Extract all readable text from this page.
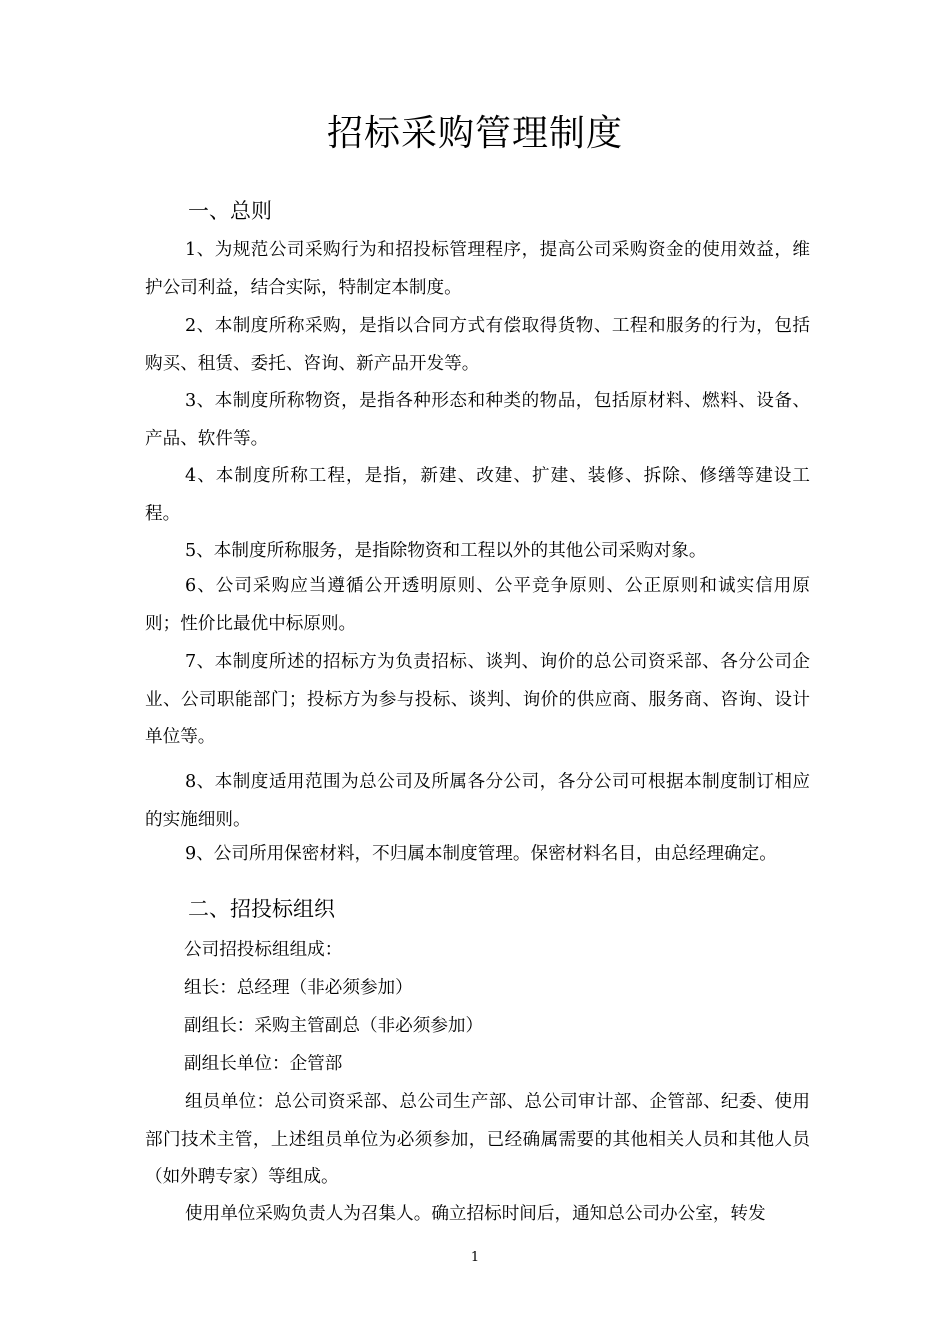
招标采购管理制度
一、总则

1、为规范公司采购行为和招投标管理程序，提高公司采购资金的使用效益，维护公司利益，结合实际，特制定本制度。

2、本制度所称采购，是指以合同方式有偿取得货物、工程和服务的行为，包括购买、租赁、委托、咨询、新产品开发等。

3、本制度所称物资，是指各种形态和种类的物品，包括原材料、燃料、设备、产品、软件等。

4、本制度所称工程，是指，新建、改建、扩建、装修、拆除、修缮等建设工程。

5、本制度所称服务，是指除物资和工程以外的其他公司采购对象。

6、公司采购应当遵循公开透明原则、公平竞争原则、公正原则和诚实信用原则；性价比最优中标原则。

7、本制度所述的招标方为负责招标、谈判、询价的总公司资采部、各分公司企业、公司职能部门；投标方为参与投标、谈判、询价的供应商、服务商、咨询、设计单位等。

8、本制度适用范围为总公司及所属各分公司，各分公司可根据本制度制订相应的实施细则。

9、公司所用保密材料，不归属本制度管理。保密材料名目，由总经理确定。

二、招投标组织
公司招投标组组成：
组长：总经理（非必须参加）
副组长：采购主管副总（非必须参加）
副组长单位：企管部

组员单位：总公司资采部、总公司生产部、总公司审计部、企管部、纪委、使用部门技术主管，上述组员单位为必须参加，已经确属需要的其他相关人员和其他人员（如外聘专家）等组成。

使用单位采购负责人为召集人。确立招标时间后，通知总公司办公室，转发

1
